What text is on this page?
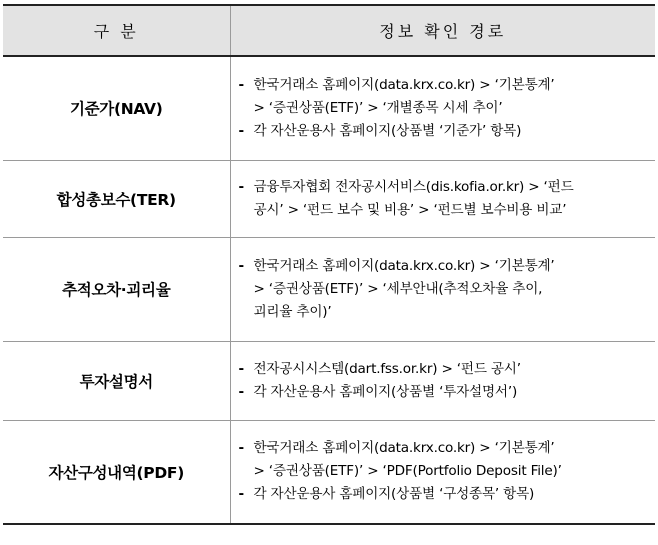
구 분	정보 확인 경로
기준가(NAV)	- 한국거래소 홈페이지(data.krx.co.kr) > ‘기본통계’
> ‘증권상품(ETF)’ > ‘개별종목 시세 추이’
- 각 자산운용사 홈페이지(상품별 ‘기준가’ 항목)

합성총보수(TER)	- 금융투자협회 전자공시서비스(dis.kofia.or.kr) > ‘펀드
공시’ > ‘펀드 보수 및 비용’ > ‘펀드별 보수비용 비교’

추적오차·괴리율	- 한국거래소 홈페이지(data.krx.co.kr) > ‘기본통계’
> ‘증권상품(ETF)’ > ‘세부안내(추적오차율 추이,
괴리율 추이)’

투자설명서	- 전자공시시스템(dart.fss.or.kr) > ‘펀드 공시’
- 각 자산운용사 홈페이지(상품별 ‘투자설명서’)

자산구성내역(PDF)	- 한국거래소 홈페이지(data.krx.co.kr) > ‘기본통계’
> ‘증권상품(ETF)’ > ‘PDF(Portfolio Deposit File)’
- 각 자산운용사 홈페이지(상품별 ‘구성종목’ 항목)
